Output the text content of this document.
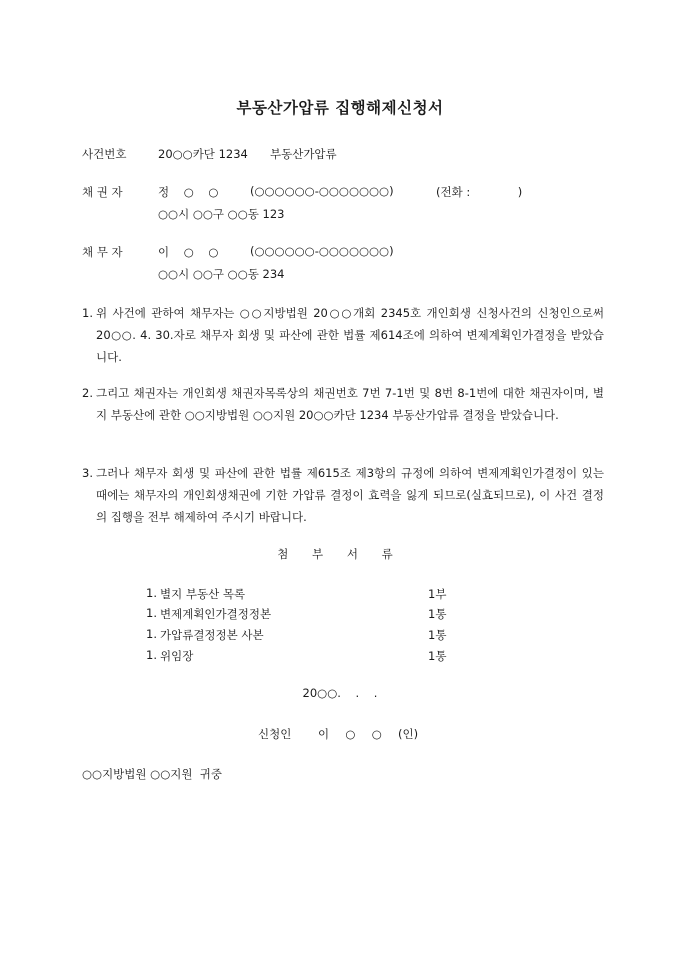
부동산가압류 집행해제신청서
사건번호	20○○카단 1234 부동산가압류
채 권 자	정    ○    ○	(○○○○○○-○○○○○○○)	(전화 :             )
○○시 ○○구 ○○동 123
채 무 자	이    ○    ○	(○○○○○○-○○○○○○○)
○○시 ○○구 ○○동 234
1. 위 사건에 관하여 채무자는 ○○지방법원 20○○개회 2345호 개인회생 신청사건의 신청인으로써 20○○. 4. 30.자로 채무자 회생 및 파산에 관한 법률 제614조에 의하여 변제계획인가결정을 받았습니다.
2. 그리고 채권자는 개인회생 채권자목록상의 채권번호 7번 7-1번 및 8번 8-1번에 대한 채권자이며, 별지 부동산에 관한 ○○지방법원 ○○지원 20○○카단 1234 부동산가압류 결정을 받았습니다.
3. 그러나 채무자 회생 및 파산에 관한 법률 제615조 제3항의 규정에 의하여 변제계획인가결정이 있는 때에는 채무자의 개인회생채권에 기한 가압류 결정이 효력을 잃게 되므로(실효되므로), 이 사건 결정의 집행을 전부 해제하여 주시기 바랍니다.
첨 부 서 류
1. 별지 부동산 목록	1부
1. 변제계획인가결정정본	1통
1. 가압류결정정본 사본	1통
1. 위임장	1통
20○○.    .    .
신청인 이  ○  ○ (인)
○○지방법원 ○○지원  귀중
